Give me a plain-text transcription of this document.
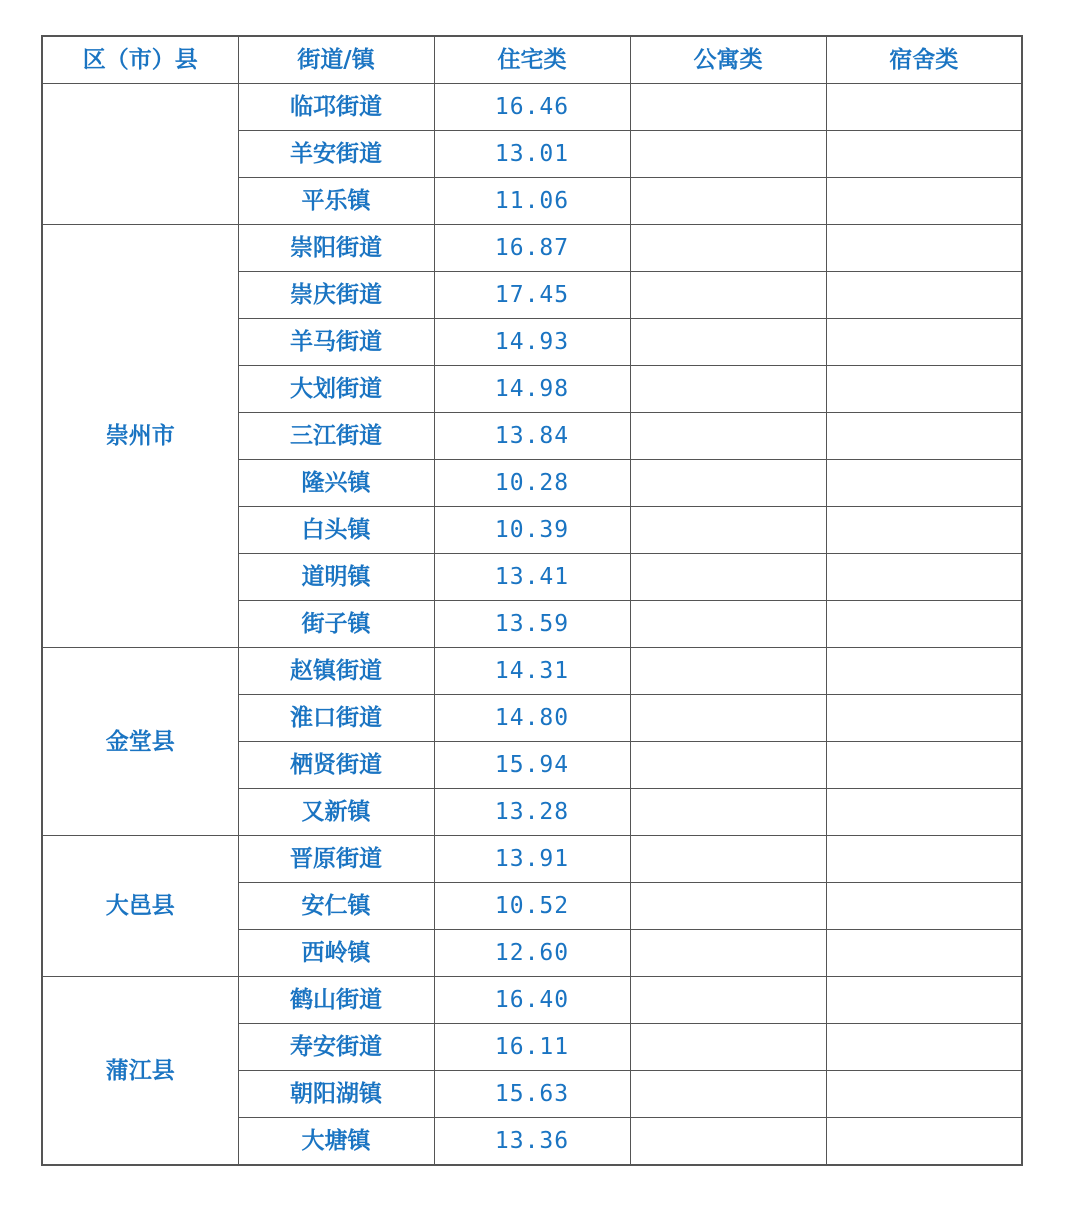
区（市）县	街道/镇	住宅类	公寓类	宿舍类
	临邛街道	16.46		
	羊安街道	13.01		
	平乐镇	11.06		
崇州市	崇阳街道	16.87		
	崇庆街道	17.45		
	羊马街道	14.93		
	大划街道	14.98		
	三江街道	13.84		
	隆兴镇	10.28		
	白头镇	10.39		
	道明镇	13.41		
	街子镇	13.59		
金堂县	赵镇街道	14.31		
	淮口街道	14.80		
	栖贤街道	15.94		
	又新镇	13.28		
大邑县	晋原街道	13.91		
	安仁镇	10.52		
	西岭镇	12.60		
蒲江县	鹤山街道	16.40		
	寿安街道	16.11		
	朝阳湖镇	15.63		
	大塘镇	13.36		
